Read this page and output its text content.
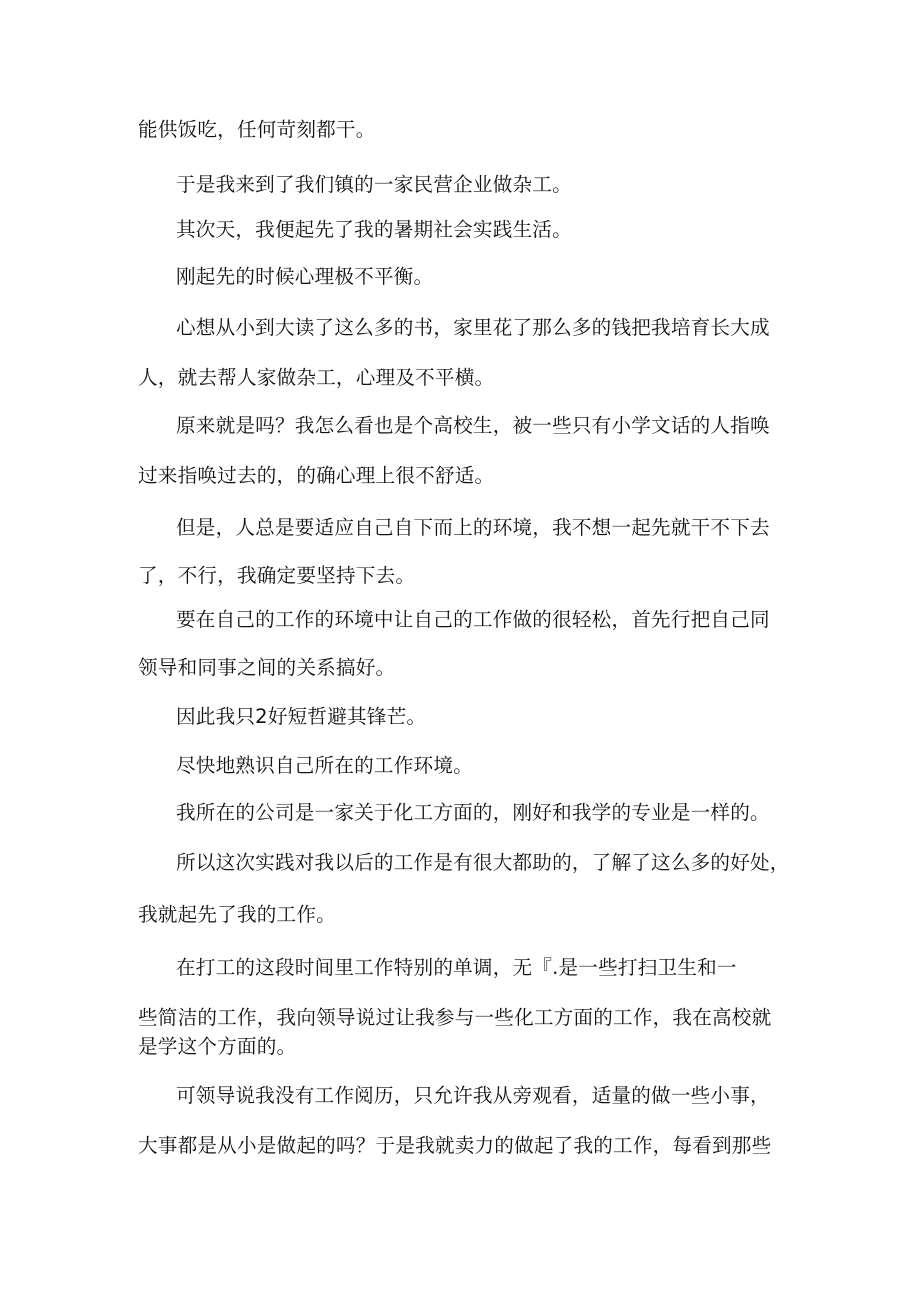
能供饭吃，任何苛刻都干。
于是我来到了我们镇的一家民营企业做杂工。
其次天，我便起先了我的暑期社会实践生活。
刚起先的时候心理极不平衡。
心想从小到大读了这么多的书，家里花了那么多的钱把我培育长大成
人，就去帮人家做杂工，心理及不平横。
原来就是吗？我怎么看也是个高校生，被一些只有小学文话的人指唤
过来指唤过去的，的确心理上很不舒适。
但是，人总是要适应自己自下而上的环境，我不想一起先就干不下去
了，不行，我确定要坚持下去。
要在自己的工作的环境中让自己的工作做的很轻松，首先行把自己同
领导和同事之间的关系搞好。
因此我只2好短哲避其锋芒。
尽快地熟识自己所在的工作环境。
我所在的公司是一家关于化工方面的，刚好和我学的专业是一样的。
所以这次实践对我以后的工作是有很大都助的，了解了这么多的好处，
我就起先了我的工作。
在打工的这段时间里工作特别的单调，无『.是一些打扫卫生和一
些简洁的工作，我向领导说过让我参与一些化工方面的工作，我在高校就
是学这个方面的。
可领导说我没有工作阅历，只允许我从旁观看，适量的做一些小事，
大事都是从小是做起的吗？于是我就卖力的做起了我的工作，每看到那些
